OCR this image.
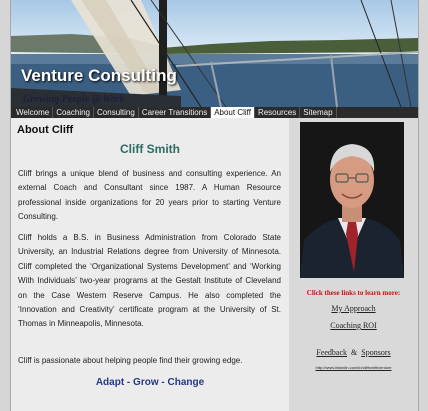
Venture Consulting
Growing People @ Work
Welcome Coaching Consulting Career Transitions About Cliff Resources Sitemap
About Cliff
Cliff Smith

Cliff brings a unique blend of business and consulting experience. An external Coach and Consultant since 1987. A Human Resource professional inside organizations for 20 years prior to starting Venture Consulting.

Cliff holds a B.S. in Business Administration from Colorado State University, an Industrial Relations degree from University of Minnesota. Cliff completed the ‘Organizational Systems Development’ and ‘Working With Individuals’ two-year programs at the Gestalt Institute of Cleveland on the Case Western Reserve Campus. He also completed the ‘Innovation and Creativity’ certificate program at the University of St. Thomas in Minneapolis, Minnesota.

Cliff is passionate about helping people find their growing edge.

Adapt - Grow - Change

Click these links to learn more:

My Approach
Coaching ROI
Feedback & Sponsors
http://www.linkedin.com/in/cliffsmithventure
